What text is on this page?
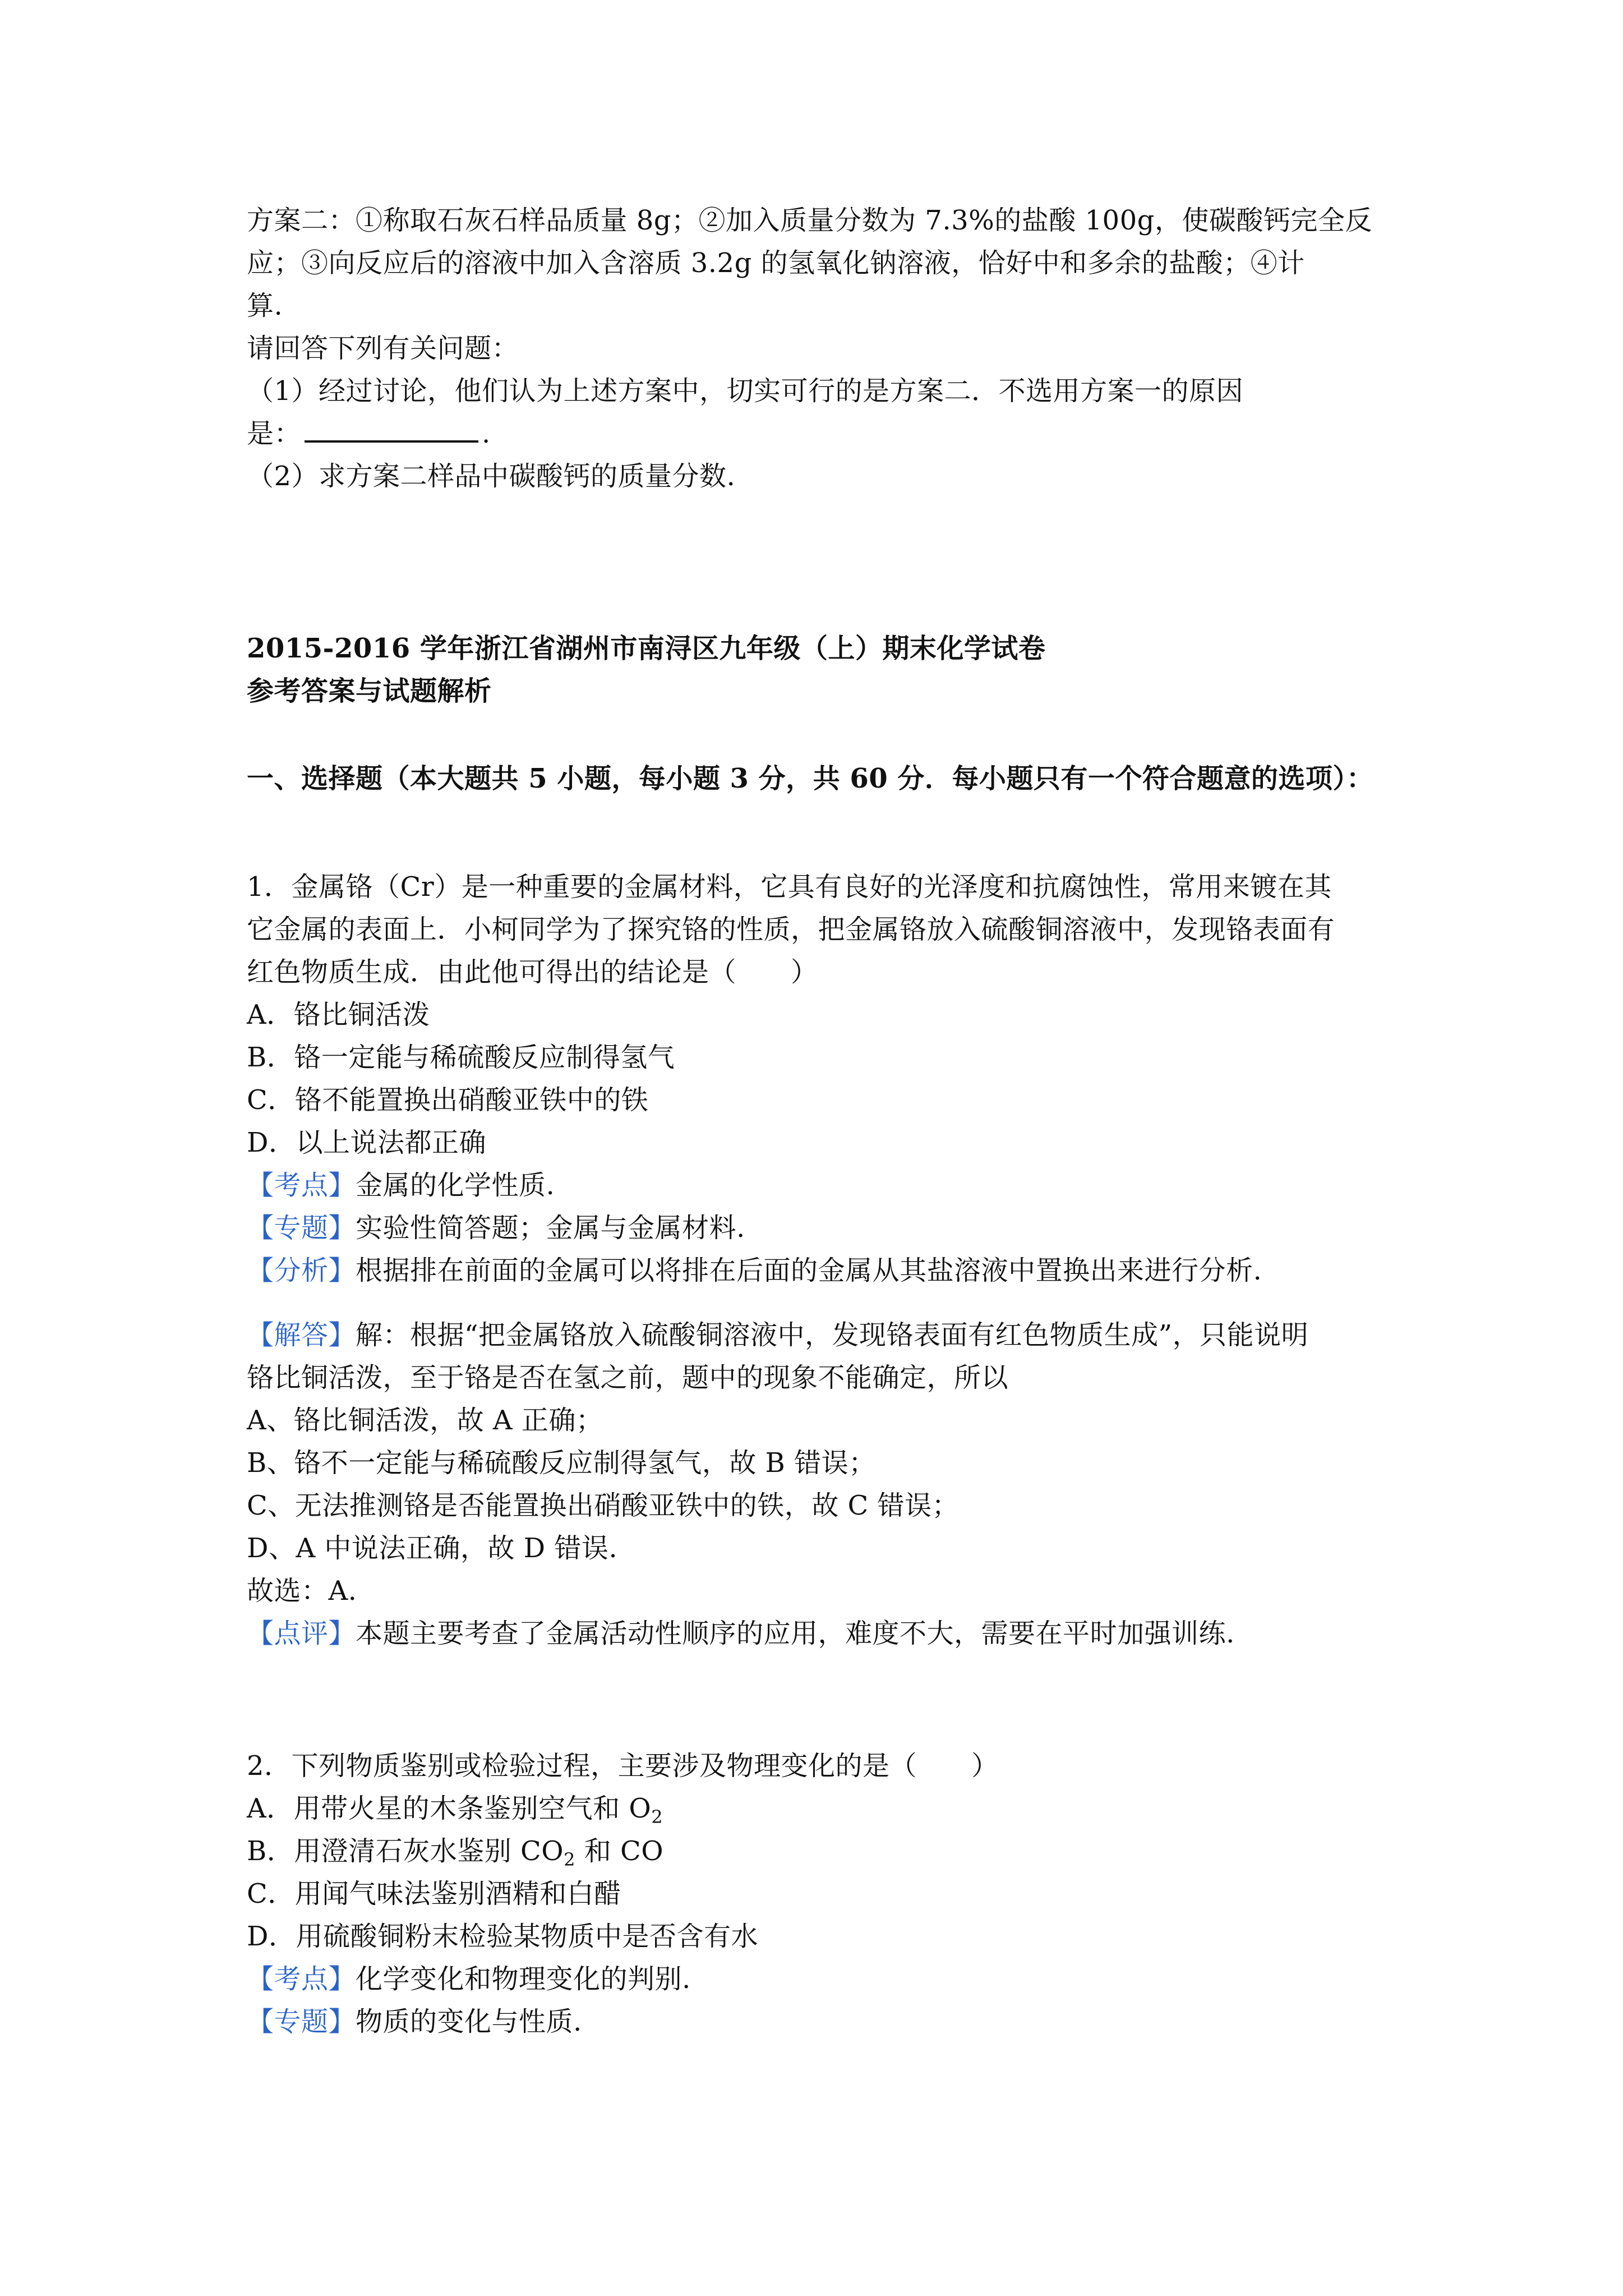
方案二：①称取石灰石样品质量 8g；②加入质量分数为 7.3%的盐酸 100g，使碳酸钙完全反
应；③向反应后的溶液中加入含溶质 3.2g 的氢氧化钠溶液，恰好中和多余的盐酸；④计
算.
请回答下列有关问题：
（1）经过讨论，他们认为上述方案中，切实可行的是方案二．不选用方案一的原因
是：	.
（2）求方案二样品中碳酸钙的质量分数.
2015-2016 学年浙江省湖州市南浔区九年级（上）期末化学试卷
参考答案与试题解析
一、选择题（本大题共 5 小题，每小题 3 分，共 60 分．每小题只有一个符合题意的选项）：
1．金属铬（Cr）是一种重要的金属材料，它具有良好的光泽度和抗腐蚀性，常用来镀在其
它金属的表面上．小柯同学为了探究铬的性质，把金属铬放入硫酸铜溶液中，发现铬表面有
红色物质生成．由此他可得出的结论是（　　）
A．铬比铜活泼
B．铬一定能与稀硫酸反应制得氢气
C．铬不能置换出硝酸亚铁中的铁
D．以上说法都正确
【考点】金属的化学性质.
【专题】实验性简答题；金属与金属材料.
【分析】根据排在前面的金属可以将排在后面的金属从其盐溶液中置换出来进行分析.
【解答】解：根据“把金属铬放入硫酸铜溶液中，发现铬表面有红色物质生成”，只能说明
铬比铜活泼，至于铬是否在氢之前，题中的现象不能确定，所以
A、铬比铜活泼，故 A 正确；
B、铬不一定能与稀硫酸反应制得氢气，故 B 错误；
C、无法推测铬是否能置换出硝酸亚铁中的铁，故 C 错误；
D、A 中说法正确，故 D 错误.
故选：A.
【点评】本题主要考查了金属活动性顺序的应用，难度不大，需要在平时加强训练.
2．下列物质鉴别或检验过程，主要涉及物理变化的是（　　）
A．用带火星的木条鉴别空气和 $O_2$
B．用澄清石灰水鉴别 $CO_2$ 和 CO
C．用闻气味法鉴别酒精和白醋
D．用硫酸铜粉末检验某物质中是否含有水
【考点】化学变化和物理变化的判别.
【专题】物质的变化与性质.
